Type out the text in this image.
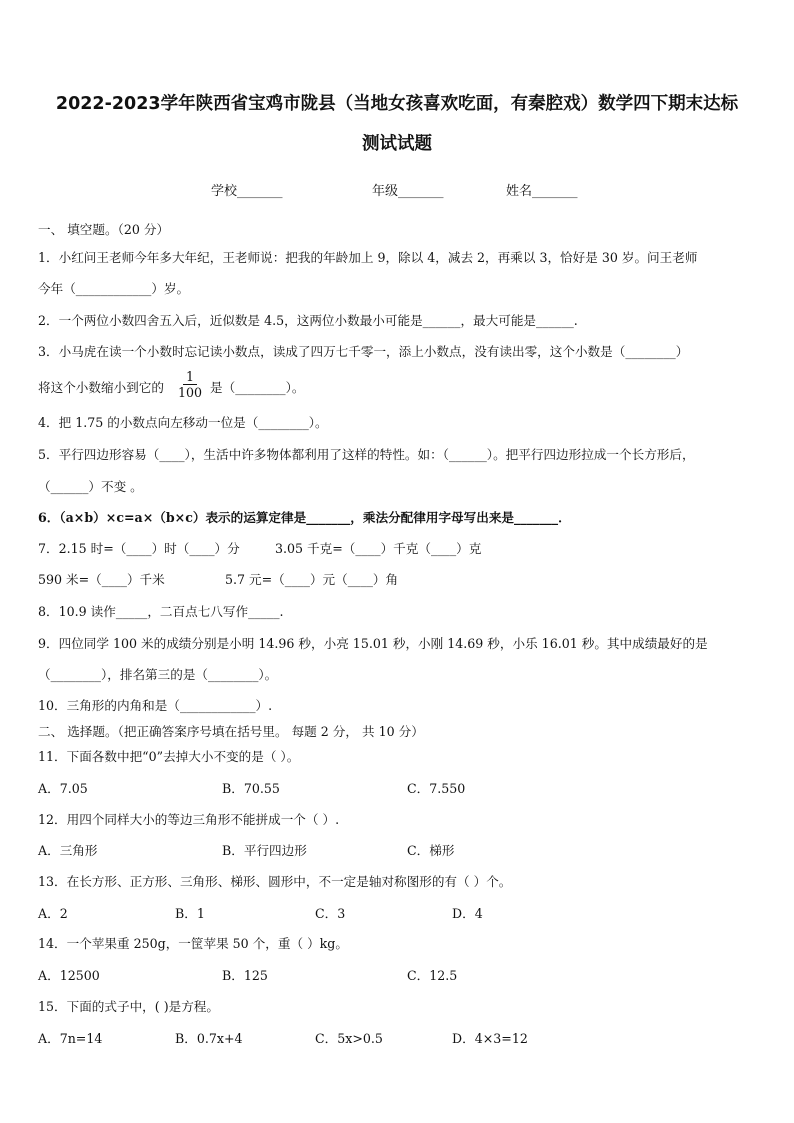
2022-2023学年陕西省宝鸡市陇县（当地女孩喜欢吃面，有秦腔戏）数学四下期末达标
测试试题
学校_______	年级_______	姓名_______
一、 填空题。（20 分）
1．小红问王老师今年多大年纪，王老师说：把我的年龄加上 9，除以 4，减去 2，再乘以 3，恰好是 30 岁。问王老师
今年（____________）岁。
2．一个两位小数四舍五入后，近似数是 4.5，这两位小数最小可能是______，最大可能是______.
3．小马虎在读一个小数时忘记读小数点，读成了四万七千零一，添上小数点，没有读出零，这个小数是（________）
将这个小数缩小到它的 $\frac{1}{100}$ 是（________）。
4．把 1.75 的小数点向左移动一位是（________）。
5．平行四边形容易（____），生活中许多物体都利用了这样的特性。如：（______）。把平行四边形拉成一个长方形后，
（______）不变 。
6．（a×b）×c=a×（b×c）表示的运算定律是_______，乘法分配律用字母写出来是_______．
7．2.15 时=（____）时（____）分	3.05 千克=（____）千克（____）克
590 米=（____）千米	5.7 元=（____）元（____）角
8．10.9 读作_____，二百点七八写作_____.
9．四位同学 100 米的成绩分别是小明 14.96 秒，小亮 15.01 秒，小刚 14.69 秒，小乐 16.01 秒。其中成绩最好的是
（________），排名第三的是（________）。
10．三角形的内角和是（____________）.
二、 选择题。（把正确答案序号填在括号里。 每题 2 分， 共 10 分）
11．下面各数中把“0”去掉大小不变的是（ ）。
A．7.05	B．70.55	C．7.550
12．用四个同样大小的等边三角形不能拼成一个（ ）.
A．三角形	B．平行四边形	C．梯形
13．在长方形、正方形、三角形、梯形、圆形中，不一定是轴对称图形的有（ ）个。
A．2	B．1	C．3	D．4
14．一个苹果重 250g，一筐苹果 50 个，重（ ）kg。
A．12500	B．125	C．12.5
15．下面的式子中，( )是方程。
A．7n=14	B．0.7x+4	C．5x>0.5	D．4×3=12
